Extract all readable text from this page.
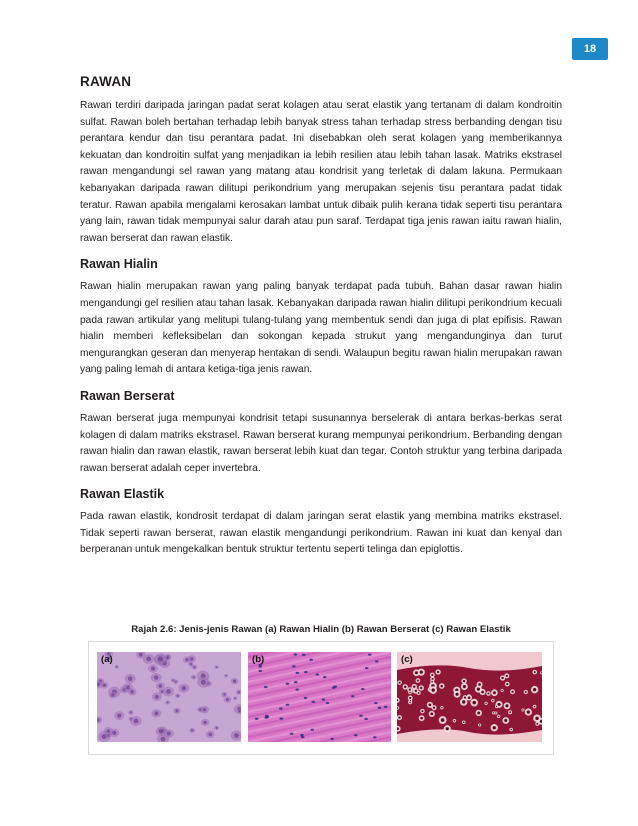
18
RAWAN

Rawan terdiri daripada jaringan padat serat kolagen atau serat elastik yang tertanam di dalam kondroitin sulfat. Rawan boleh bertahan terhadap lebih banyak stress tahan terhadap stress berbanding dengan tisu perantara kendur dan tisu perantara padat. Ini disebabkan oleh serat kolagen yang memberikannya kekuatan dan kondroitin sulfat yang menjadikan ia lebih resilien atau lebih tahan lasak. Matriks ekstrasel rawan mengandungi sel rawan yang matang atau kondrisit yang terletak di dalam lakuna. Permukaan kebanyakan daripada rawan dilitupi perikondrium yang merupakan sejenis tisu perantara padat tidak teratur. Rawan apabila mengalami kerosakan lambat untuk dibaik pulih kerana tidak seperti tisu perantara yang lain, rawan tidak mempunyai salur darah atau pun saraf. Terdapat tiga jenis rawan iaitu rawan hialin, rawan berserat dan rawan elastik.

Rawan Hialin

Rawan hialin merupakan rawan yang paling banyak terdapat pada tubuh. Bahan dasar rawan hialin mengandungi gel resilien atau tahan lasak. Kebanyakan daripada rawan hialin dilitupi perikondrium kecuali pada rawan artikular yang melitupi tulang-tulang yang membentuk sendi dan juga di plat epifisis. Rawan hialin memberi kefleksibelan dan sokongan kepada strukut yang mengandunginya dan turut mengurangkan geseran dan menyerap hentakan di sendi. Walaupun begitu rawan hialin merupakan rawan yang paling lemah di antara ketiga-tiga jenis rawan.

Rawan Berserat

Rawan berserat juga mempunyai kondrisit tetapi susunannya berselerak di antara berkas-berkas serat kolagen di dalam matriks ekstrasel. Rawan berserat kurang mempunyai perikondrium. Berbanding dengan rawan hialin dan rawan elastik, rawan berserat lebih kuat dan tegar. Contoh struktur yang terbina daripada rawan berserat adalah ceper invertebra.

Rawan Elastik

Pada rawan elastik, kondrosit terdapat di dalam jaringan serat elastik yang membina matriks ekstrasel. Tidak seperti rawan berserat, rawan elastik mengandungi perikondrium. Rawan ini kuat dan kenyal dan berperanan untuk mengekalkan bentuk struktur tertentu seperti telinga dan epiglottis.

Rajah 2.6: Jenis-jenis Rawan (a) Rawan Hialin (b) Rawan Berserat (c) Rawan Elastik
(a)	(b)	(c)
